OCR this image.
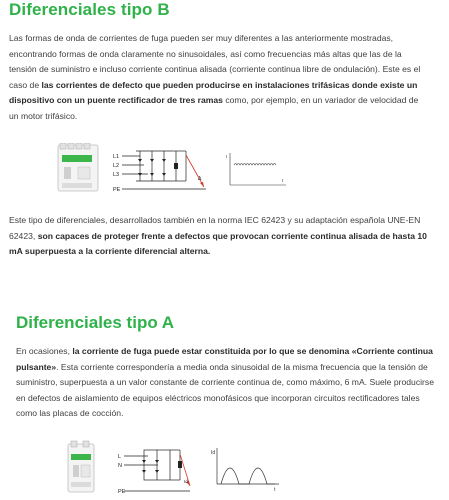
Diferenciales tipo B

Las formas de onda de corrientes de fuga pueden ser muy diferentes a las anteriormente mostradas, encontrando formas de onda claramente no sinusoidales, así como frecuencias más altas que las de la tensión de suministro e incluso corriente continua alisada (corriente continua libre de ondulación). Este es el caso de las corrientes de defecto que pueden producirse en instalaciones trifásicas donde existe un dispositivo con un puente rectificador de tres ramas como, por ejemplo, en un variador de velocidad de un motor trifásico.

L1
L2
L3
PE
Δ
I
t

Este tipo de diferenciales, desarrollados también en la norma IEC 62423 y su adaptación española UNE-EN 62423, son capaces de proteger frente a defectos que provocan corriente continua alisada de hasta 10 mA superpuesta a la corriente diferencial alterna.

Diferenciales tipo A

En ocasiones, la corriente de fuga puede estar constituida por lo que se denomina «Corriente continua pulsante». Esta corriente correspondería a media onda sinusoidal de la misma frecuencia que la tensión de suministro, superpuesta a un valor constante de corriente continua de, como máximo, 6 mA. Suele producirse en defectos de aislamiento de equipos eléctricos monofásicos que incorporan circuitos rectificadores tales como las placas de cocción.

L
N
PE
Id
Id
t
